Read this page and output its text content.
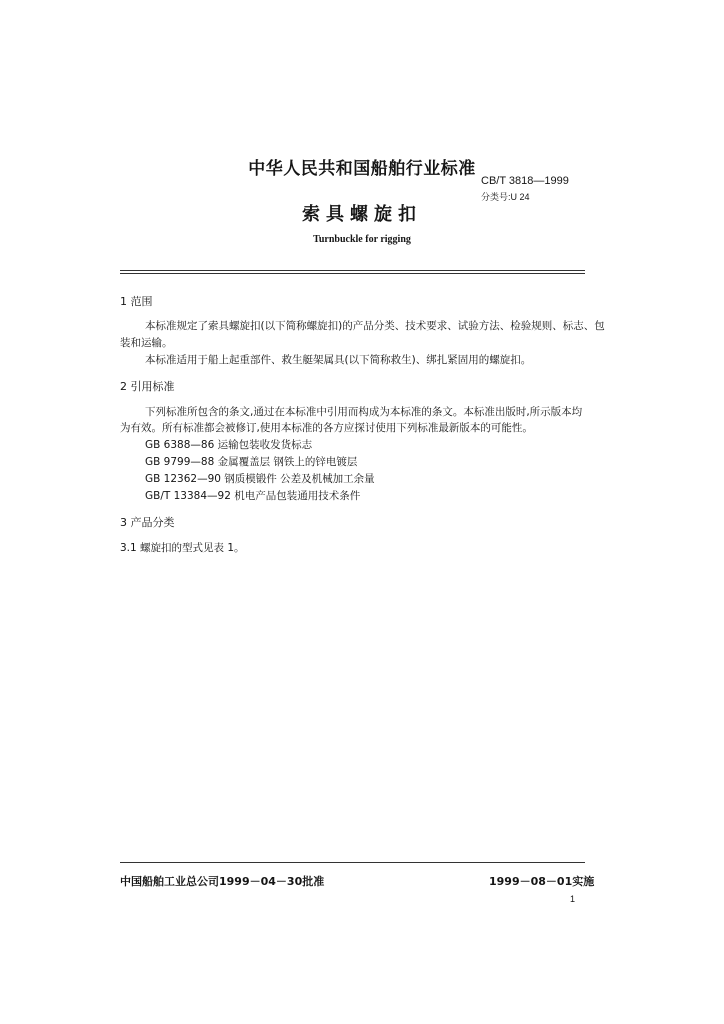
中华人民共和国船舶行业标准
CB/T 3818—1999
分类号:U 24
索具螺旋扣
Turnbuckle for rigging
1 范围
本标准规定了索具螺旋扣(以下简称螺旋扣)的产品分类、技术要求、试验方法、检验规则、标志、包
装和运输。
本标准适用于船上起重部件、救生艇架属具(以下简称救生)、绑扎紧固用的螺旋扣。
2 引用标准
下列标准所包含的条文,通过在本标准中引用而构成为本标准的条文。本标准出版时,所示版本均
为有效。所有标准都会被修订,使用本标准的各方应探讨使用下列标准最新版本的可能性。
GB 6388—86 运输包装收发货标志
GB 9799—88 金属覆盖层 钢铁上的锌电镀层
GB 12362—90 钢质模锻件 公差及机械加工余量
GB/T 13384—92 机电产品包装通用技术条件
3 产品分类
3.1 螺旋扣的型式见表 1。
中国船舶工业总公司1999－04－30批准	1999－08－01实施
1
